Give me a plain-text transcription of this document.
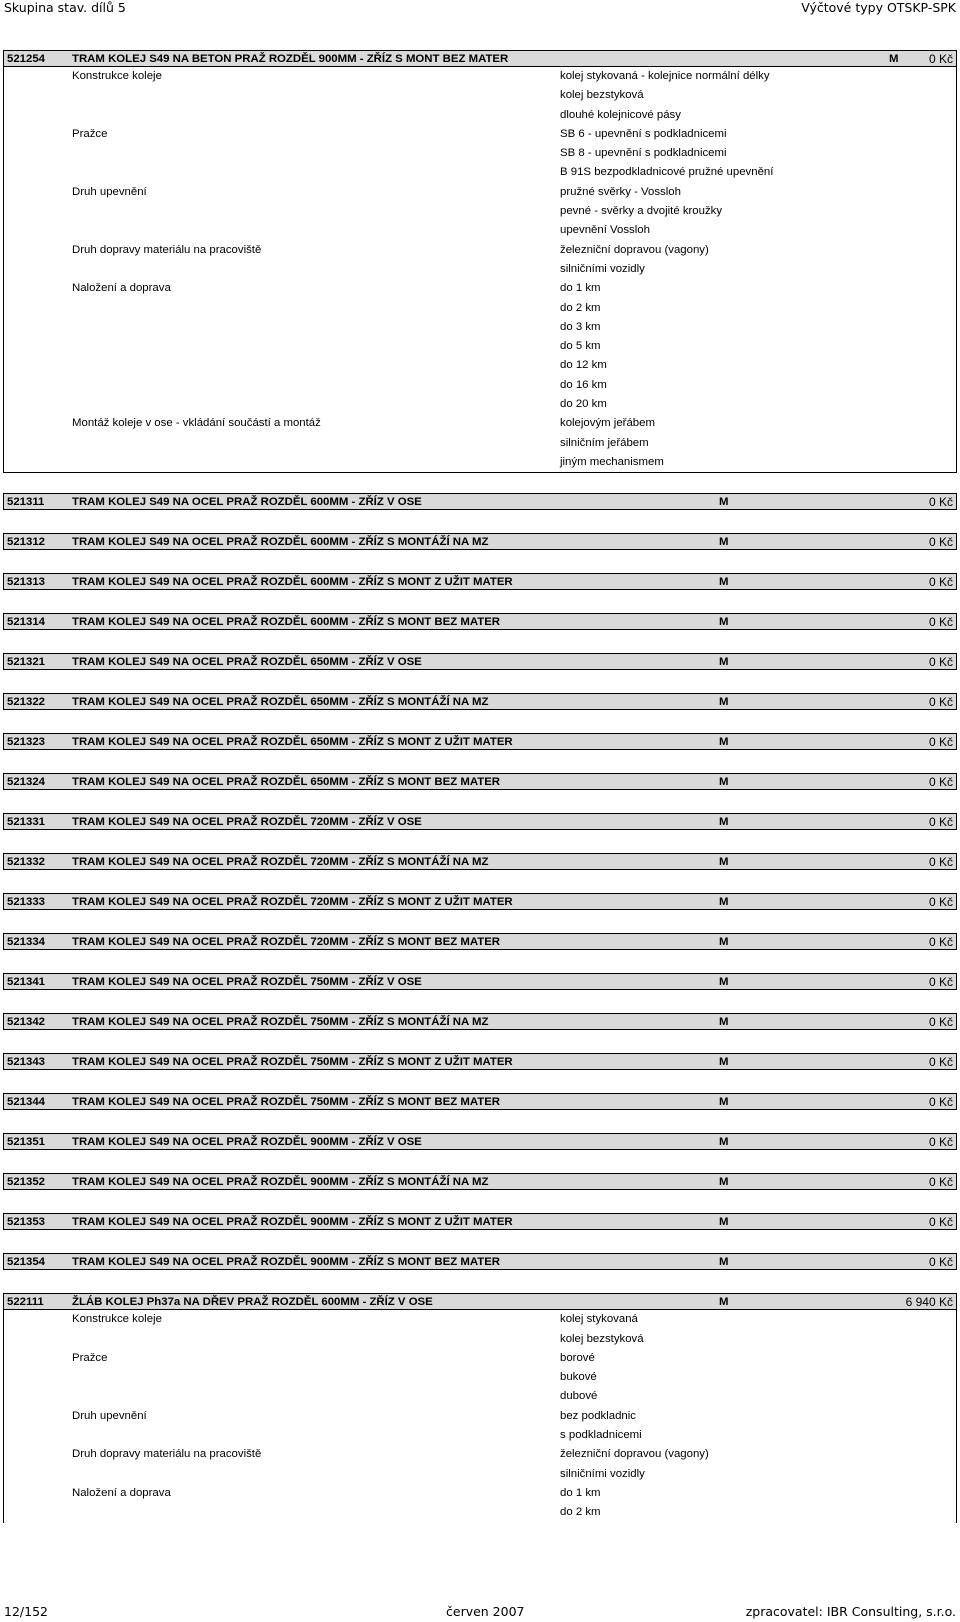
Skupina stav. dílů 5	Výčtové typy OTSKP-SPK
521254 TRAM KOLEJ S49 NA BETON PRAŽ ROZDĚL 900MM - ZŘÍZ S MONT BEZ MATER	M	0 Kč
Konstrukce koleje	kolej stykovaná - kolejnice normální délky
kolej bezstyková
dlouhé kolejnicové pásy
Pražce	SB 6 - upevnění s podkladnicemi
SB 8 - upevnění s podkladnicemi
B 91S bezpodkladnicové pružné upevnění
Druh upevnění	pružné svěrky - Vossloh
pevné - svěrky a dvojité kroužky
upevnění Vossloh
Druh dopravy materiálu na pracoviště	železniční dopravou (vagony)
silničními vozidly
Naložení a doprava	do 1 km
do 2 km
do 3 km
do 5 km
do 12 km
do 16 km
do 20 km
Montáž koleje v ose - vkládání součástí a montáž	kolejovým jeřábem
silničním jeřábem
jiným mechanismem
521311 TRAM KOLEJ S49 NA OCEL PRAŽ ROZDĚL 600MM - ZŘÍZ V OSE	M	0 Kč
521312 TRAM KOLEJ S49 NA OCEL PRAŽ ROZDĚL 600MM - ZŘÍZ S MONTÁŽÍ NA MZ	M	0 Kč
521313 TRAM KOLEJ S49 NA OCEL PRAŽ ROZDĚL 600MM - ZŘÍZ S MONT Z UŽIT MATER	M	0 Kč
521314 TRAM KOLEJ S49 NA OCEL PRAŽ ROZDĚL 600MM - ZŘÍZ S MONT BEZ MATER	M	0 Kč
521321 TRAM KOLEJ S49 NA OCEL PRAŽ ROZDĚL 650MM - ZŘÍZ V OSE	M	0 Kč
521322 TRAM KOLEJ S49 NA OCEL PRAŽ ROZDĚL 650MM - ZŘÍZ S MONTÁŽÍ NA MZ	M	0 Kč
521323 TRAM KOLEJ S49 NA OCEL PRAŽ ROZDĚL 650MM - ZŘÍZ S MONT Z UŽIT MATER	M	0 Kč
521324 TRAM KOLEJ S49 NA OCEL PRAŽ ROZDĚL 650MM - ZŘÍZ S MONT BEZ MATER	M	0 Kč
521331 TRAM KOLEJ S49 NA OCEL PRAŽ ROZDĚL 720MM - ZŘÍZ V OSE	M	0 Kč
521332 TRAM KOLEJ S49 NA OCEL PRAŽ ROZDĚL 720MM - ZŘÍZ S MONTÁŽÍ NA MZ	M	0 Kč
521333 TRAM KOLEJ S49 NA OCEL PRAŽ ROZDĚL 720MM - ZŘÍZ S MONT Z UŽIT MATER	M	0 Kč
521334 TRAM KOLEJ S49 NA OCEL PRAŽ ROZDĚL 720MM - ZŘÍZ S MONT BEZ MATER	M	0 Kč
521341 TRAM KOLEJ S49 NA OCEL PRAŽ ROZDĚL 750MM - ZŘÍZ V OSE	M	0 Kč
521342 TRAM KOLEJ S49 NA OCEL PRAŽ ROZDĚL 750MM - ZŘÍZ S MONTÁŽÍ NA MZ	M	0 Kč
521343 TRAM KOLEJ S49 NA OCEL PRAŽ ROZDĚL 750MM - ZŘÍZ S MONT Z UŽIT MATER	M	0 Kč
521344 TRAM KOLEJ S49 NA OCEL PRAŽ ROZDĚL 750MM - ZŘÍZ S MONT BEZ MATER	M	0 Kč
521351 TRAM KOLEJ S49 NA OCEL PRAŽ ROZDĚL 900MM - ZŘÍZ V OSE	M	0 Kč
521352 TRAM KOLEJ S49 NA OCEL PRAŽ ROZDĚL 900MM - ZŘÍZ S MONTÁŽÍ NA MZ	M	0 Kč
521353 TRAM KOLEJ S49 NA OCEL PRAŽ ROZDĚL 900MM - ZŘÍZ S MONT Z UŽIT MATER	M	0 Kč
521354 TRAM KOLEJ S49 NA OCEL PRAŽ ROZDĚL 900MM - ZŘÍZ S MONT BEZ MATER	M	0 Kč
522111 ŽLÁB KOLEJ Ph37a NA DŘEV PRAŽ ROZDĚL 600MM - ZŘÍZ V OSE	M	6 940 Kč
Konstrukce koleje	kolej stykovaná
kolej bezstyková
Pražce	borové
bukové
dubové
Druh upevnění	bez podkladnic
s podkladnicemi
Druh dopravy materiálu na pracoviště	železniční dopravou (vagony)
silničními vozidly
Naložení a doprava	do 1 km
do 2 km
12/152	červen 2007	zpracovatel: IBR Consulting, s.r.o.
